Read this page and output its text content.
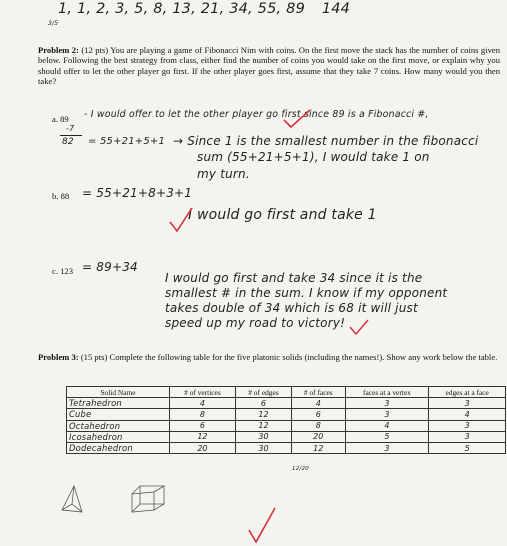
1, 1, 2, 3, 5, 8, 13, 21, 34, 55, 89 144
3/5
Problem 2: (12 pts) You are playing a game of Fibonacci Nim with coins. On the first move the stack has the number of coins given below. Following the best strategy from class, either find the number of coins you would take on the first move, or explain why you should offer to let the other player go first. If the other player goes first, assume that they take 7 coins. How many would you then take?
a. 89 - I would offer to let the other player go first since 89 is a Fibonacci #,
-7
82 = 55+21+5+1 → Since 1 is the smallest number in the fibonacci
sum (55+21+5+1), I would take 1 on
my turn.
b. 88 = 55+21+8+3+1
I would go first and take 1
c. 123 = 89+34
I would go first and take 34 since it is the
smallest # in the sum. I know if my opponent
takes double of 34 which is 68 it will just
speed up my road to victory!
Problem 3: (15 pts) Complete the following table for the five platonic solids (including the names!). Show any work below the table.
Solid Name	# of vertices	# of edges	# of faces	faces at a vertex	edges at a face
Tetrahedron	4	6	4	3	3
Cube	8	12	6	3	4
Octahedron	6	12	8	4	3
Icosahedron	12	30	20	5	3
Dodecahedron	20	30	12	3	5
12/20
